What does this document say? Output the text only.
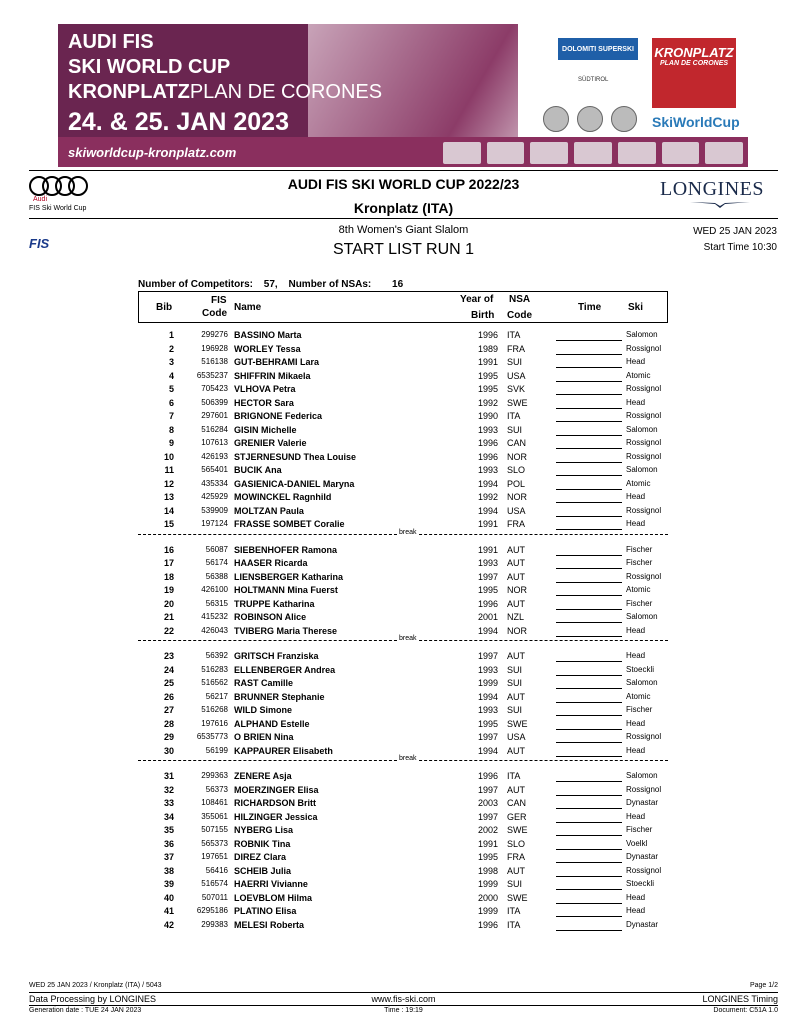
AUDI FIS
SKI WORLD CUP
KRONPLATZPLAN DE CORONES
24. & 25. JAN 2023
skiworldcup-kronplatz.com
DOLOMITI SUPERSKI
SÜDTIROL
KRONPLATZ
PLAN DE CORONES
SkiWorldCup
Audi
FIS Ski World Cup
AUDI FIS SKI WORLD CUP 2022/23
Kronplatz (ITA)
LONGINES
FIS
8th Women's Giant Slalom
START LIST RUN 1
WED 25 JAN 2023
Start Time 10:30
Number of Competitors: 57, Number of NSAs: 16
Bib
FIS
Code
Name
Year of
Birth
NSA
Code
Time	Ski
1	299276 BASSINO Marta	1996 ITA	Salomon
2	196928 WORLEY Tessa	1989 FRA	Rossignol
3	516138 GUT-BEHRAMI Lara	1991 SUI	Head
4	6535237 SHIFFRIN Mikaela	1995 USA	Atomic
5	705423 VLHOVA Petra	1995 SVK	Rossignol
6	506399 HECTOR Sara	1992 SWE	Head
7	297601 BRIGNONE Federica	1990 ITA	Rossignol
8	516284 GISIN Michelle	1993 SUI	Salomon
9	107613 GRENIER Valerie	1996 CAN	Rossignol
10	426193 STJERNESUND Thea Louise	1996 NOR	Rossignol
11	565401 BUCIK Ana	1993 SLO	Salomon
12	435334 GASIENICA-DANIEL Maryna	1994 POL	Atomic
13	425929 MOWINCKEL Ragnhild	1992 NOR	Head
14	539909 MOLTZAN Paula	1994 USA	Rossignol
15	197124 FRASSE SOMBET Coralie	1991 FRA	Head
break
16	56087 SIEBENHOFER Ramona	1991 AUT	Fischer
17	56174 HAASER Ricarda	1993 AUT	Fischer
18	56388 LIENSBERGER Katharina	1997 AUT	Rossignol
19	426100 HOLTMANN Mina Fuerst	1995 NOR	Atomic
20	56315 TRUPPE Katharina	1996 AUT	Fischer
21	415232 ROBINSON Alice	2001 NZL	Salomon
22	426043 TVIBERG Maria Therese	1994 NOR	Head
break
23	56392 GRITSCH Franziska	1997 AUT	Head
24	516283 ELLENBERGER Andrea	1993 SUI	Stoeckli
25	516562 RAST Camille	1999 SUI	Salomon
26	56217 BRUNNER Stephanie	1994 AUT	Atomic
27	516268 WILD Simone	1993 SUI	Fischer
28	197616 ALPHAND Estelle	1995 SWE	Head
29	6535773 O BRIEN Nina	1997 USA	Rossignol
30	56199 KAPPAURER Elisabeth	1994 AUT	Head
break
31	299363 ZENERE Asja	1996 ITA	Salomon
32	56373 MOERZINGER Elisa	1997 AUT	Rossignol
33	108461 RICHARDSON Britt	2003 CAN	Dynastar
34	355061 HILZINGER Jessica	1997 GER	Head
35	507155 NYBERG Lisa	2002 SWE	Fischer
36	565373 ROBNIK Tina	1991 SLO	Voelkl
37	197651 DIREZ Clara	1995 FRA	Dynastar
38	56416 SCHEIB Julia	1998 AUT	Rossignol
39	516574 HAERRI Vivianne	1999 SUI	Stoeckli
40	507011 LOEVBLOM Hilma	2000 SWE	Head
41	6295186 PLATINO Elisa	1999 ITA	Head
42	299383 MELESI Roberta	1996 ITA	Dynastar
WED 25 JAN 2023 / Kronplatz (ITA) / 5043	Page 1/2
Data Processing by LONGINES	www.fis-ski.com	LONGINES Timing
Generation date : TUE 24 JAN 2023	Time : 19:19	Document: C51A 1.0
